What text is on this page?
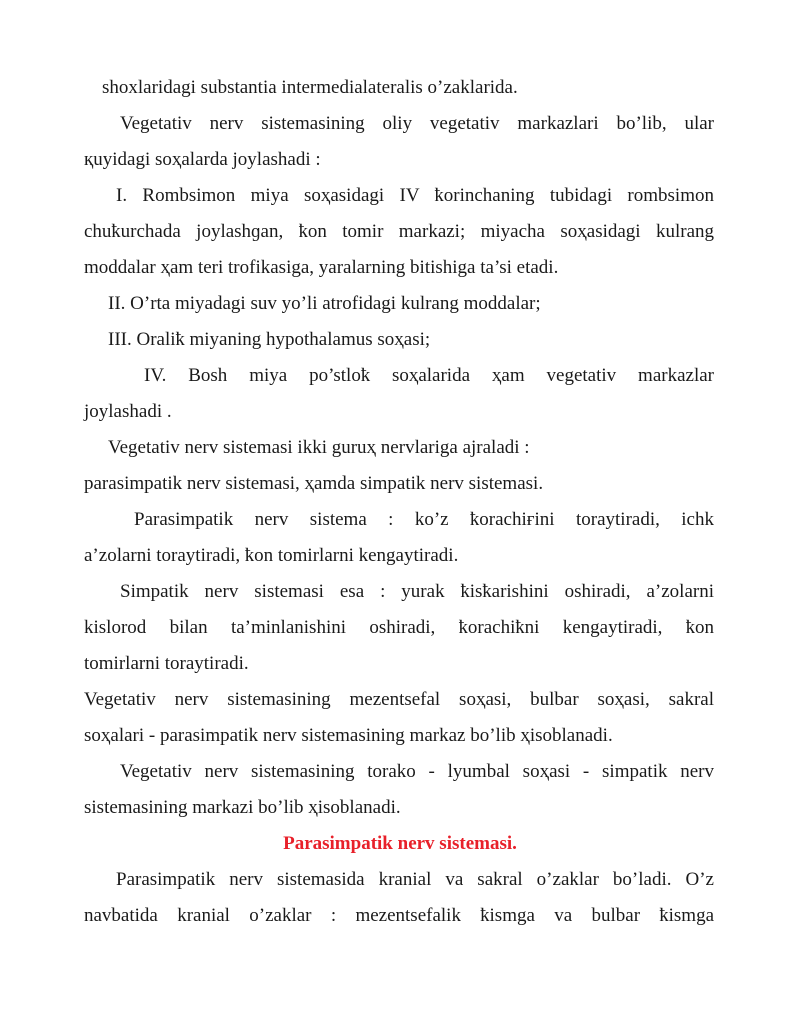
shoxlaridagi substantia intermedialateralis o’zaklarida.
Vegetativ nerv sistemasining oliy vegetativ markazlari bo’lib, ular
қuyidagi soҳalarda joylashadi :
I. Rombsimon miya soҳasidagi IV ҟorinchaning tubidagi rombsimon
chuҟurchada joylashɡan, ҟon tomir markazi; miyacha soҳasidagi kulrang
moddalar ҳam teri trofikasiga, yaralarning bitishiga ta’si etadi.
II. O’rta miyadagi suv yo’li atrofidagi kulrang moddalar;
III. Oraliҟ miyaning hypothalamus soҳasi;
IV. Bosh miya po’stloҟ soҳalarida ҳam vegetativ markazlar
joylashadi .
Vegetativ nerv sistemasi ikki guruҳ nervlariga ajraladi :
parasimpatik nerv sistemasi, ҳamda simpatik nerv sistemasi.
Parasimpatik nerv sistema : ko’z ҟorachiғini toraytiradi, ichk
a’zolarni toraytiradi, ҟon tomirlarni kengaytiradi.
Simpatik nerv sistemasi esa : yurak ҟisҟarishini oshiradi, a’zolarni
kislorod bilan ta’minlanishini oshiradi, ҟorachiҟni kengaytiradi, ҟon
tomirlarni toraytiradi.
Vegetativ nerv sistemasining mezentsefal soҳasi, bulbar soҳasi, sakral
soҳalari - parasimpatik nerv sistemasining markaz bo’lib ҳisoblanadi.
Vegetativ nerv sistemasining torako - lyumbal soҳasi - simpatik nerv
sistemasining markazi bo’lib ҳisoblanadi.
Parasimpatik nerv sistemasi.
Parasimpatik nerv sistemasida kranial va sakral o’zaklar bo’ladi. O’z
navbatida kranial o’zaklar : mezentsefalik ҟismga va bulbar ҟismga
